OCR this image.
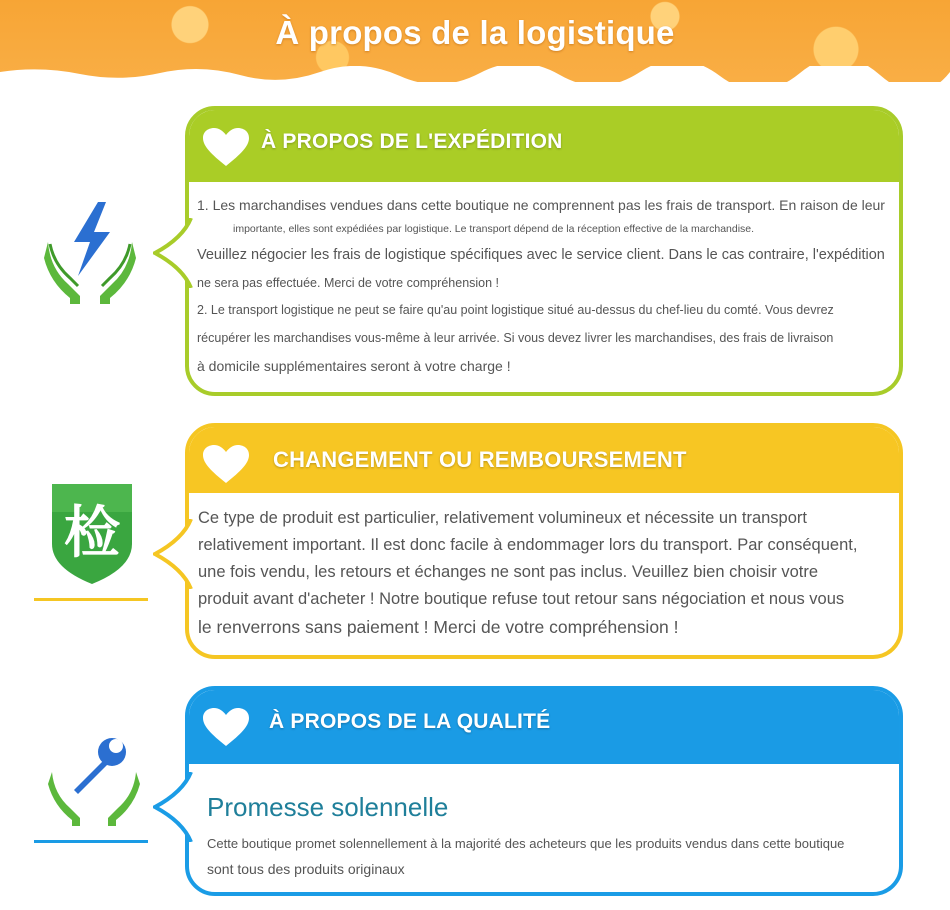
À propos de la logistique
À PROPOS DE L'EXPÉDITION
1. Les marchandises vendues dans cette boutique ne comprennent pas les frais de transport. En raison de leur
importante, elles sont expédiées par logistique. Le transport dépend de la réception effective de la marchandise.
Veuillez négocier les frais de logistique spécifiques avec le service client. Dans le cas contraire, l'expédition
ne sera pas effectuée. Merci de votre compréhension !
2. Le transport logistique ne peut se faire qu'au point logistique situé au-dessus du chef-lieu du comté. Vous devrez
récupérer les marchandises vous-même à leur arrivée. Si vous devez livrer les marchandises, des frais de livraison
à domicile supplémentaires seront à votre charge !
检
CHANGEMENT OU REMBOURSEMENT
Ce type de produit est particulier, relativement volumineux et nécessite un transport
relativement important. Il est donc facile à endommager lors du transport. Par conséquent,
une fois vendu, les retours et échanges ne sont pas inclus. Veuillez bien choisir votre
produit avant d'acheter ! Notre boutique refuse tout retour sans négociation et nous vous
le renverrons sans paiement ! Merci de votre compréhension !
À PROPOS DE LA QUALITÉ
Promesse solennelle
Cette boutique promet solennellement à la majorité des acheteurs que les produits vendus dans cette boutique
sont tous des produits originaux
